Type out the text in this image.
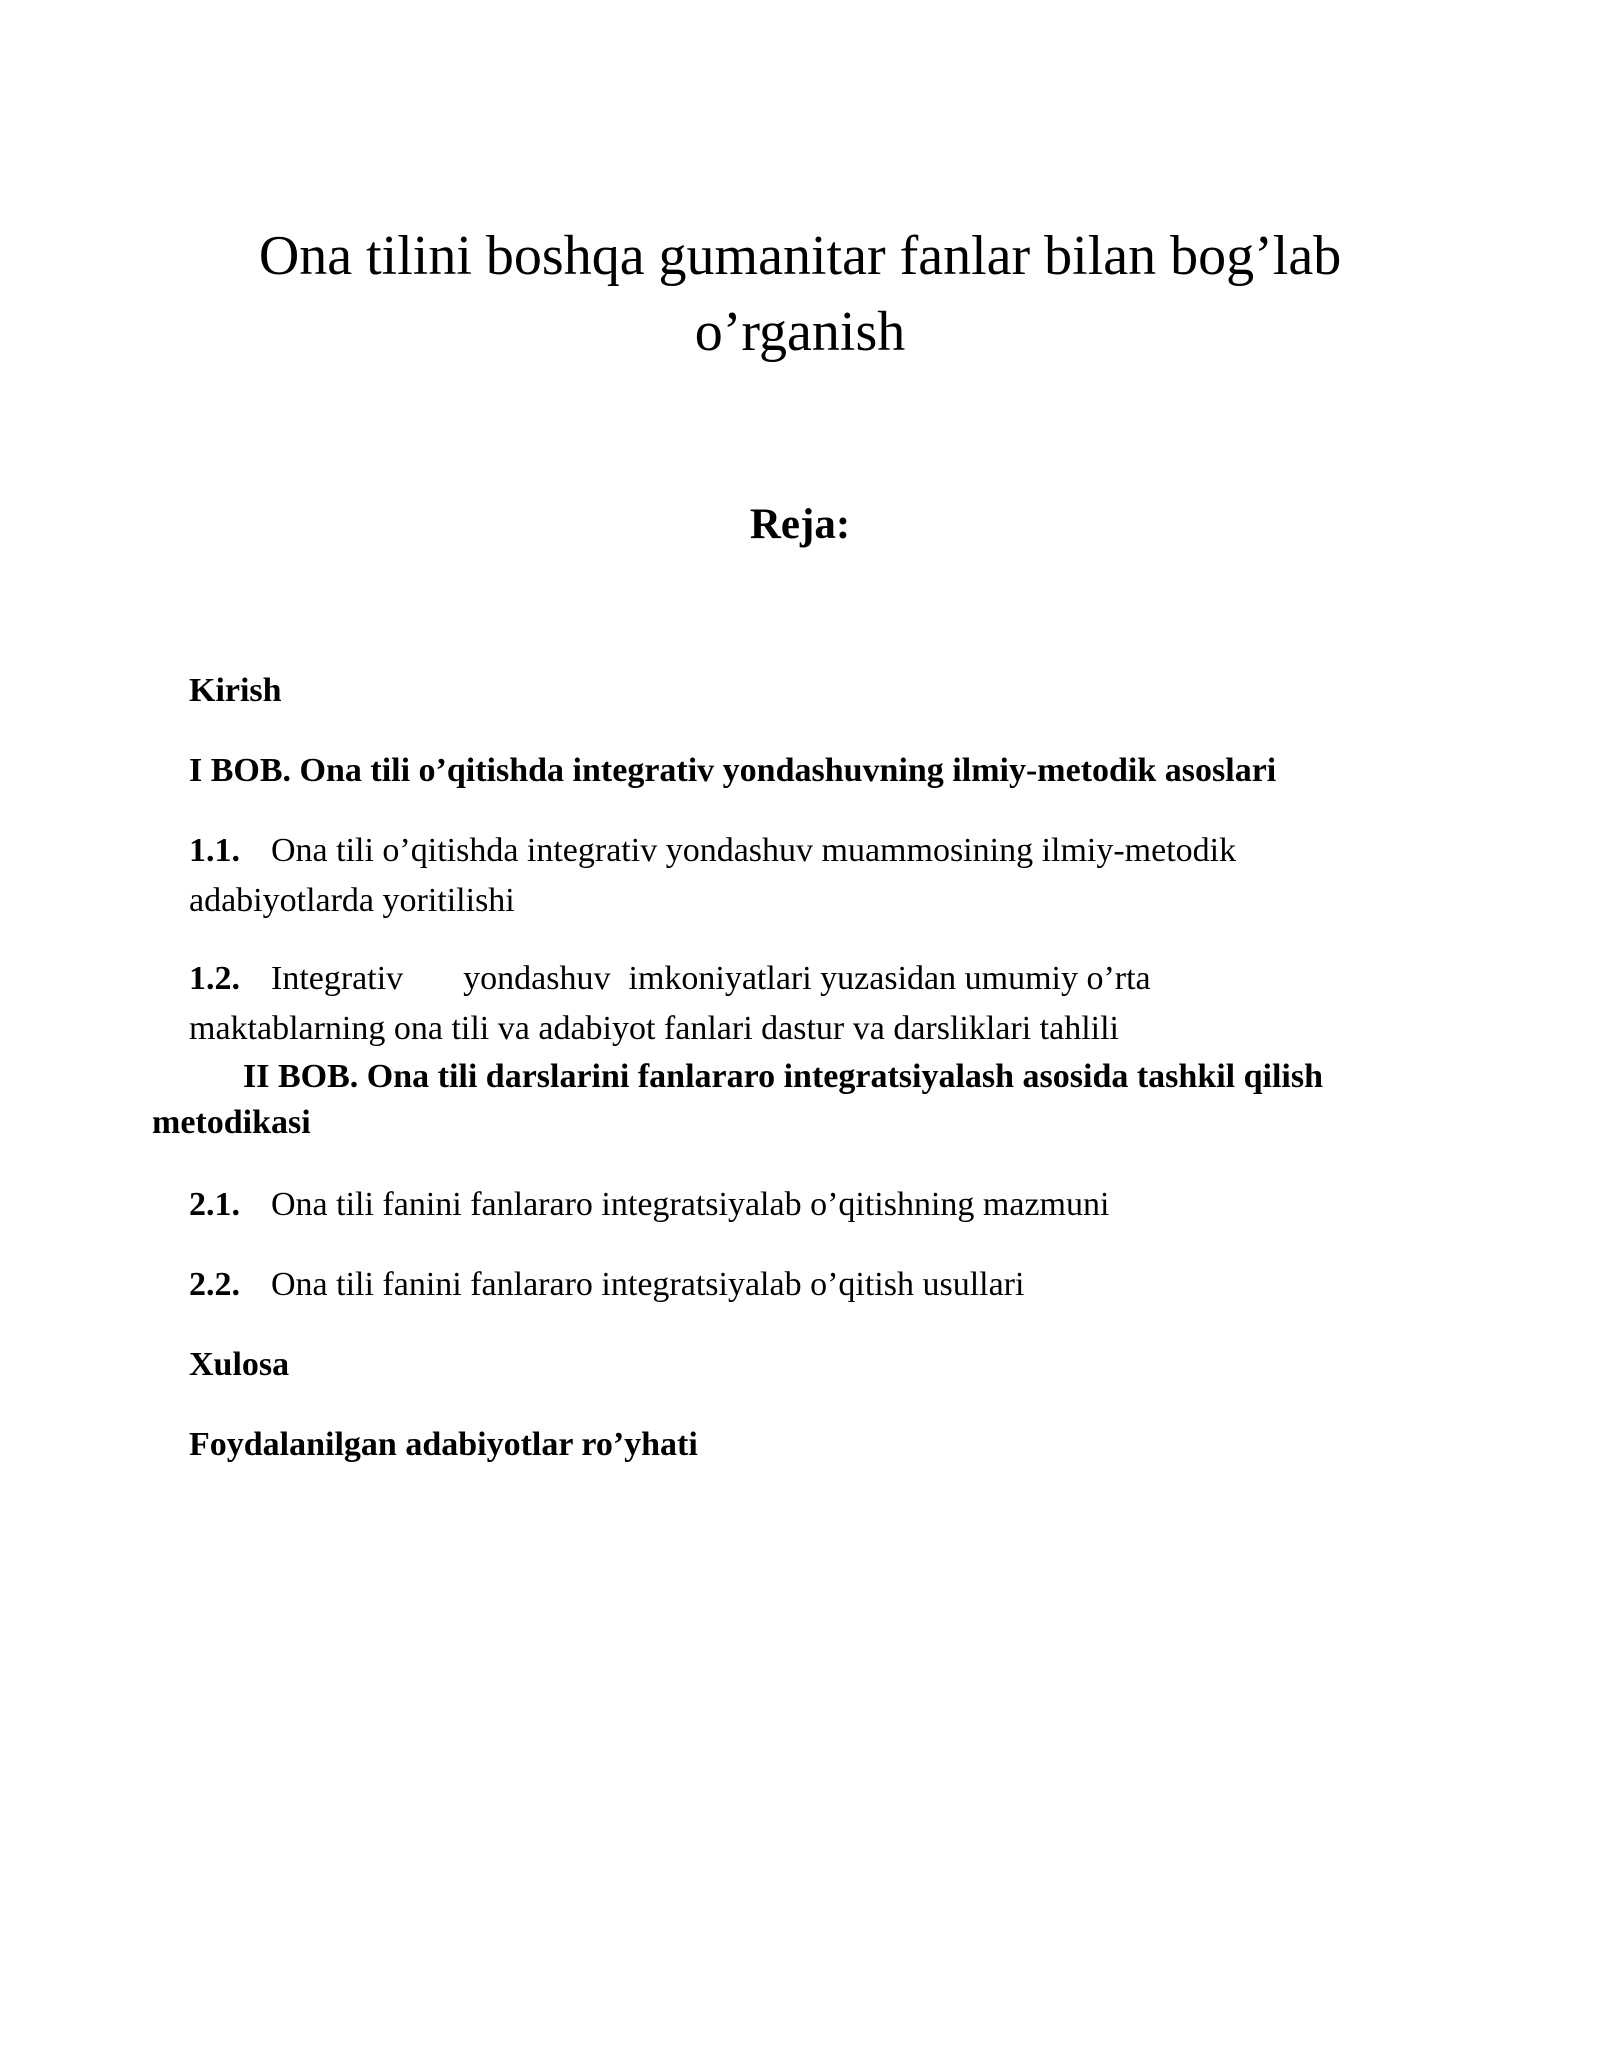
Ona tilini boshqa gumanitar fanlar bilan bog’lab
o’rganish
Reja:

Kirish

I BOB. Ona tili o’qitishda integrativ yondashuvning ilmiy-metodik asoslari

1.1. Ona tili o’qitishda integrativ yondashuv muammosining ilmiy-metodik

adabiyotlarda yoritilishi

1.2. Integrativ yondashuv imkoniyatlari yuzasidan umumiy o’rta

maktablarning ona tili va adabiyot fanlari dastur va darsliklari tahlili

II BOB. Ona tili darslarini fanlararo integratsiyalash asosida tashkil qilish

metodikasi

2.1. Ona tili fanini fanlararo integratsiyalab o’qitishning mazmuni

2.2. Ona tili fanini fanlararo integratsiyalab o’qitish usullari

Xulosa

Foydalanilgan adabiyotlar ro’yhati
